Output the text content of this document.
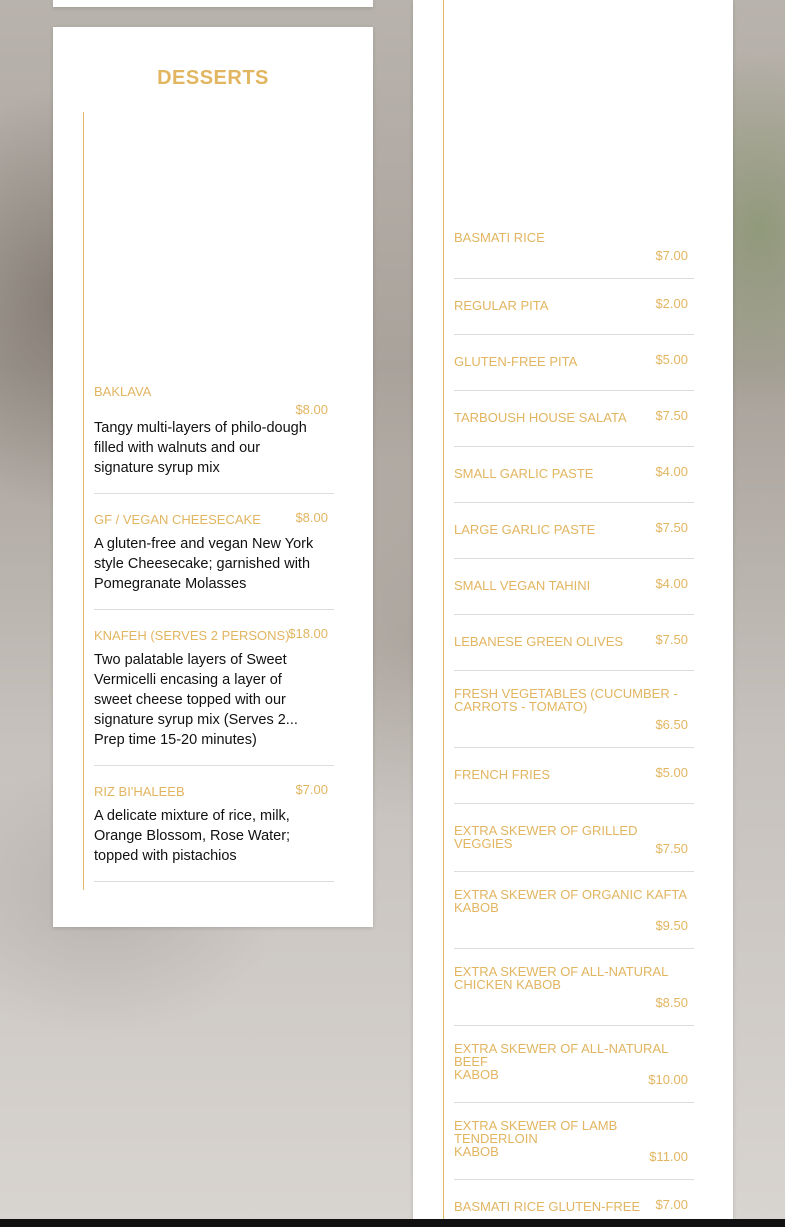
DESSERTS
BAKLAVA
$8.00
Tangy multi-layers of philo-dough
filled with walnuts and our
signature syrup mix
GF / VEGAN CHEESECAKE	$8.00
A gluten-free and vegan New York
style Cheesecake; garnished with
Pomegranate Molasses
KNAFEH (SERVES 2 PERSONS)
$18.00
Two palatable layers of Sweet
Vermicelli encasing a layer of
sweet cheese topped with our
signature syrup mix (Serves 2...
Prep time 15-20 minutes)
RIZ BI'HALEEB	$7.00
A delicate mixture of rice, milk,
Orange Blossom, Rose Water;
topped with pistachios
BASMATI RICE
$7.00
REGULAR PITA	$2.00
GLUTEN-FREE PITA	$5.00
TARBOUSH HOUSE SALATA $7.50
SMALL GARLIC PASTE	$4.00
LARGE GARLIC PASTE	$7.50
SMALL VEGAN TAHINI	$4.00
LEBANESE GREEN OLIVES $7.50
FRESH VEGETABLES (CUCUMBER -
CARROTS - TOMATO)
$6.50
FRENCH FRIES	$5.00
EXTRA SKEWER OF GRILLED VEGGIES	$7.50
EXTRA SKEWER OF ORGANIC KAFTA
KABOB
$9.50
EXTRA SKEWER OF ALL-NATURAL
CHICKEN KABOB
$8.50
EXTRA SKEWER OF ALL-NATURAL BEEF
KABOB	$10.00
EXTRA SKEWER OF LAMB TENDERLOIN
KABOB	$11.00
BASMATI RICE GLUTEN-FREE $7.00
